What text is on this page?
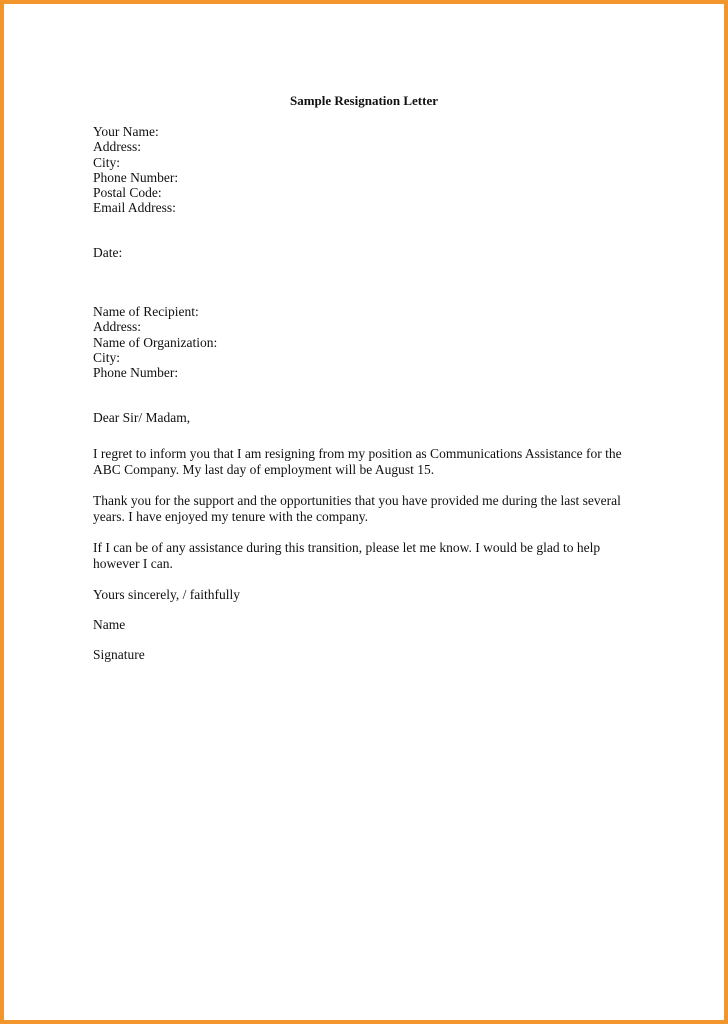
Sample Resignation Letter
Your Name:
Address:
City:
Phone Number:
Postal Code:
Email Address:
Date:
Name of Recipient:
Address:
Name of Organization:
City:
Phone Number:
Dear Sir/ Madam,
I regret to inform you that I am resigning from my position as Communications Assistance for the
ABC Company. My last day of employment will be August 15.
Thank you for the support and the opportunities that you have provided me during the last several
years. I have enjoyed my tenure with the company.
If I can be of any assistance during this transition, please let me know. I would be glad to help
however I can.
Yours sincerely, / faithfully
Name
Signature
